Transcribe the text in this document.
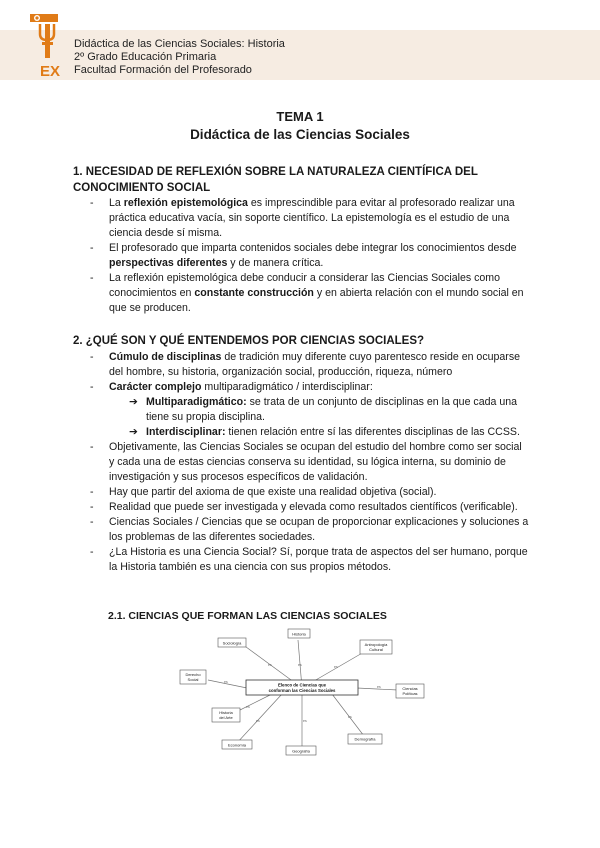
EX
Didáctica de las Ciencias Sociales: Historia
2º Grado Educación Primaria
Facultad Formación del Profesorado
TEMA 1
Didáctica de las Ciencias Sociales
1. NECESIDAD DE REFLEXIÓN SOBRE LA NATURALEZA CIENTÍFICA DEL
CONOCIMIENTO SOCIAL
- La reflexión epistemológica es imprescindible para evitar al profesorado realizar una práctica educativa vacía, sin soporte científico. La epistemología es el estudio de una ciencia desde sí misma.
- El profesorado que imparta contenidos sociales debe integrar los conocimientos desde perspectivas diferentes y de manera crítica.
- La reflexión epistemológica debe conducir a considerar las Ciencias Sociales como conocimientos en constante construcción y en abierta relación con el mundo social en que se producen.
2. ¿QUÉ SON Y QUÉ ENTENDEMOS POR CIENCIAS SOCIALES?
- Cúmulo de disciplinas de tradición muy diferente cuyo parentesco reside en ocuparse del hombre, su historia, organización social, producción, riqueza, número
- Carácter complejo multiparadigmático / interdisciplinar:
➔ Multiparadigmático: se trata de un conjunto de disciplinas en la que cada una tiene su propia disciplina.
➔ Interdisciplinar: tienen relación entre sí las diferentes disciplinas de las CCSS.
- Objetivamente, las Ciencias Sociales se ocupan del estudio del hombre como ser social y cada una de estas ciencias conserva su identidad, su lógica interna, su dominio de investigación y sus procesos específicos de validación.
- Hay que partir del axioma de que existe una realidad objetiva (social).
- Realidad que puede ser investigada y elevada como resultados científicos (verificable).
- Ciencias Sociales / Ciencias que se ocupan de proporcionar explicaciones y soluciones a los problemas de las diferentes sociedades.
- ¿La Historia es una Ciencia Social? Sí, porque trata de aspectos del ser humano, porque la Historia también es una ciencia con sus propios métodos.
2.1. CIENCIAS QUE FORMAN LAS CIENCIAS SOCIALES
es
es	es
es
es
es
es	es
es
Elenco de Ciencias que
conforman las Ciencias Sociales
Historia
Sociología	Antropología
Cultural
Derecho
Social
Ciencias
Políticas
Historia
del Arte
Economía
Geografía
Demografía
